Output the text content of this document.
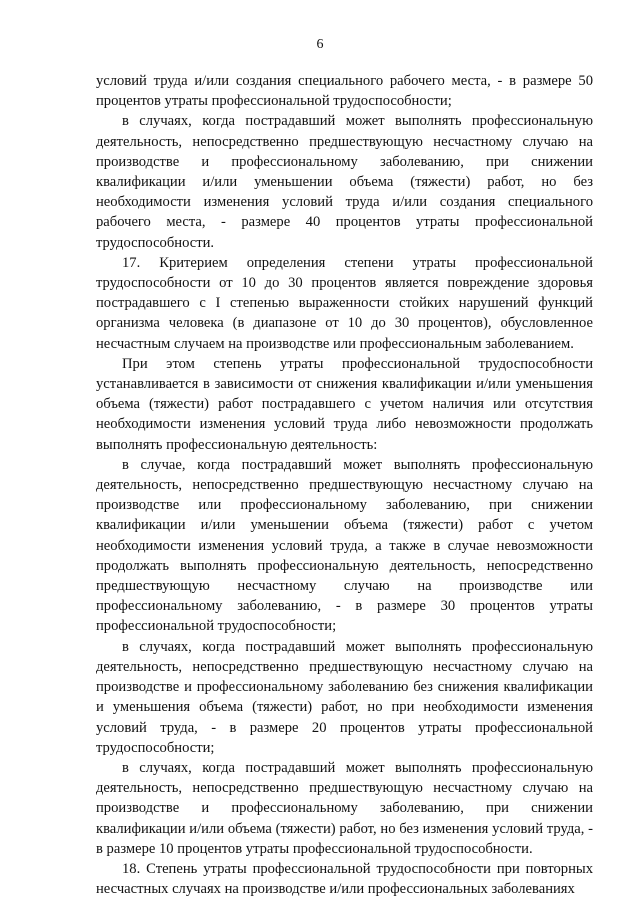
6

условий труда и/или создания специального рабочего места, - в размере 50 процентов утраты профессиональной трудоспособности;

в случаях, когда пострадавший может выполнять профессиональную деятельность, непосредственно предшествующую несчастному случаю на производстве и профессиональному заболеванию, при снижении квалификации и/или уменьшении объема (тяжести) работ, но без необходимости изменения условий труда и/или создания специального рабочего места, - размере 40 процентов утраты профессиональной трудоспособности.

17. Критерием определения степени утраты профессиональной трудоспособности от 10 до 30 процентов является повреждение здоровья пострадавшего с I степенью выраженности стойких нарушений функций организма человека (в диапазоне от 10 до 30 процентов), обусловленное несчастным случаем на производстве или профессиональным заболеванием.

При этом степень утраты профессиональной трудоспособности устанавливается в зависимости от снижения квалификации и/или уменьшения объема (тяжести) работ пострадавшего с учетом наличия или отсутствия необходимости изменения условий труда либо невозможности продолжать выполнять профессиональную деятельность:

в случае, когда пострадавший может выполнять профессиональную деятельность, непосредственно предшествующую несчастному случаю на производстве или профессиональному заболеванию, при снижении квалификации и/или уменьшении объема (тяжести) работ с учетом необходимости изменения условий труда, а также в случае невозможности продолжать выполнять профессиональную деятельность, непосредственно предшествующую несчастному случаю на производстве или профессиональному заболеванию, - в размере 30 процентов утраты профессиональной трудоспособности;

в случаях, когда пострадавший может выполнять профессиональную деятельность, непосредственно предшествующую несчастному случаю на производстве и профессиональному заболеванию без снижения квалификации и уменьшения объема (тяжести) работ, но при необходимости изменения условий труда, - в размере 20 процентов утраты профессиональной трудоспособности;

в случаях, когда пострадавший может выполнять профессиональную деятельность, непосредственно предшествующую несчастному случаю на производстве и профессиональному заболеванию, при снижении квалификации и/или объема (тяжести) работ, но без изменения условий труда, - в размере 10 процентов утраты профессиональной трудоспособности.

18. Степень утраты профессиональной трудоспособности при повторных несчастных случаях на производстве и/или профессиональных заболеваниях
